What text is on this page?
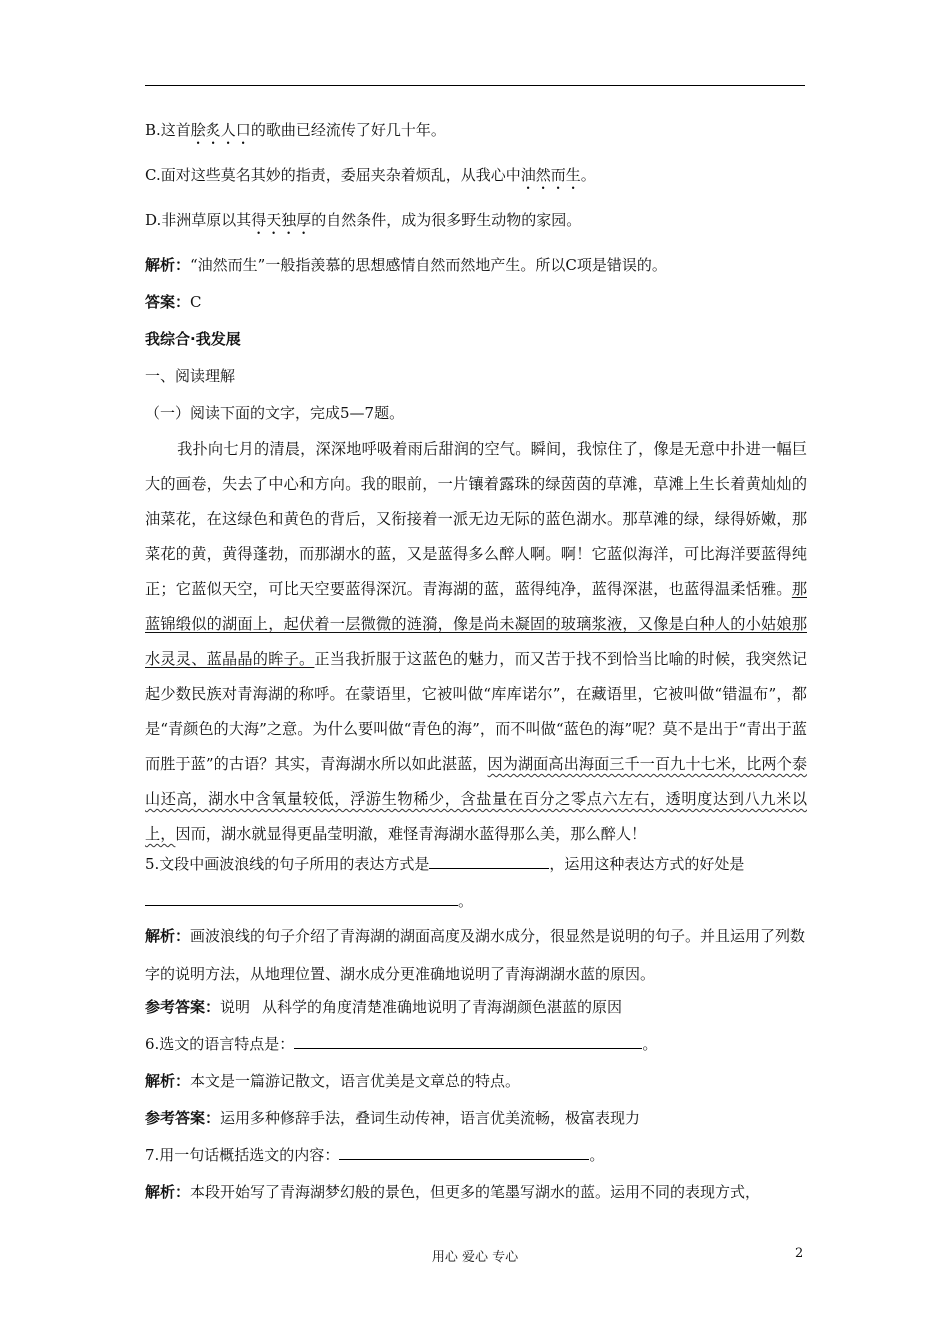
B.这首脍炙人口的歌曲已经流传了好几十年。

C.面对这些莫名其妙的指责，委屈夹杂着烦乱，从我心中油然而生。

D.非洲草原以其得天独厚的自然条件，成为很多野生动物的家园。

解析：“油然而生”一般指羡慕的思想感情自然而然地产生。所以C项是错误的。

答案：C

我综合·我发展

一、阅读理解

（一）阅读下面的文字，完成5—7题。

我扑向七月的清晨，深深地呼吸着雨后甜润的空气。瞬间，我惊住了，像是无意中扑进一幅巨大的画卷，失去了中心和方向。我的眼前，一片镶着露珠的绿茵茵的草滩，草滩上生长着黄灿灿的油菜花，在这绿色和黄色的背后，又衔接着一派无边无际的蓝色湖水。那草滩的绿，绿得娇嫩，那菜花的黄，黄得蓬勃，而那湖水的蓝，又是蓝得多么醉人啊。啊！它蓝似海洋，可比海洋要蓝得纯正；它蓝似天空，可比天空要蓝得深沉。青海湖的蓝，蓝得纯净，蓝得深湛，也蓝得温柔恬雅。那蓝锦缎似的湖面上，起伏着一层微微的涟漪，像是尚未凝固的玻璃浆液，又像是白种人的小姑娘那水灵灵、蓝晶晶的眸子。正当我折服于这蓝色的魅力，而又苦于找不到恰当比喻的时候，我突然记起少数民族对青海湖的称呼。在蒙语里，它被叫做“库库诺尔”，在藏语里，它被叫做“错温布”，都是“青颜色的大海”之意。为什么要叫做“青色的海”，而不叫做“蓝色的海”呢？莫不是出于“青出于蓝而胜于蓝”的古语？其实，青海湖水所以如此湛蓝，因为湖面高出海面三千一百九十七米，比两个泰山还高，湖水中含氧量较低，浮游生物稀少，含盐量在百分之零点六左右，透明度达到八九米以上，因而，湖水就显得更晶莹明澈，难怪青海湖水蓝得那么美，那么醉人！

5.文段中画波浪线的句子所用的表达方式是	，运用这种表达方式的好处是

。

解析：画波浪线的句子介绍了青海湖的湖面高度及湖水成分，很显然是说明的句子。并且运用了列数字的说明方法，从地理位置、湖水成分更准确地说明了青海湖湖水蓝的原因。

参考答案：说明 从科学的角度清楚准确地说明了青海湖颜色湛蓝的原因

6.选文的语言特点是：	。

解析：本文是一篇游记散文，语言优美是文章总的特点。

参考答案：运用多种修辞手法，叠词生动传神，语言优美流畅，极富表现力

7.用一句话概括选文的内容：	。

解析：本段开始写了青海湖梦幻般的景色，但更多的笔墨写湖水的蓝。运用不同的表现方式，

用心 爱心 专心	2
